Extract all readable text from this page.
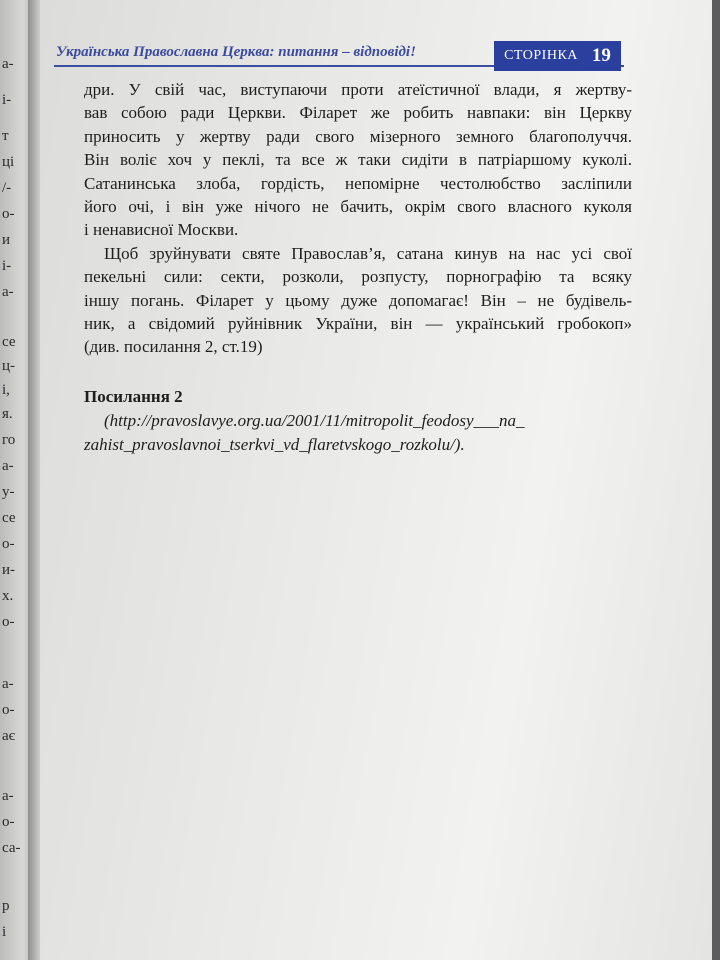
а-
і-
т
ці
/-
о-
и
і-
а-
се
ц-
і,
я.
го
а-
у-
се
о-
и-
х.
о-
а-
о-
ає
а-
о-
са-
р
і
Українська Православна Церква: питання – відповіді!	СТОРІНКА 19
дри. У свій час, виступаючи проти атеїстичної влади, я жертву-
вав собою ради Церкви. Філарет же робить навпаки: він Церкву
приносить у жертву ради свого мізерного земного благополуччя.
Він воліє хоч у пеклі, та все ж таки сидіти в патріаршому куколі.
Сатанинська злоба, гордість, непомірне честолюбство засліпили
його очі, і він уже нічого не бачить, окрім свого власного куколя
і ненависної Москви.
Щоб зруйнувати святе Православ’я, сатана кинув на нас усі свої
пекельні сили: секти, розколи, розпусту, порнографію та всяку
іншу погань. Філарет у цьому дуже допомагає! Він – не будівель-
ник, а свідомий руйнівник України, він — український гробокоп»
(див. посилання 2, ст.19)
Посилання 2
(http://pravoslavye.org.ua/2001/11/mitropolit_feodosy___na_
zahist_pravoslavnoi_tserkvi_vd_flaretvskogo_rozkolu/).
